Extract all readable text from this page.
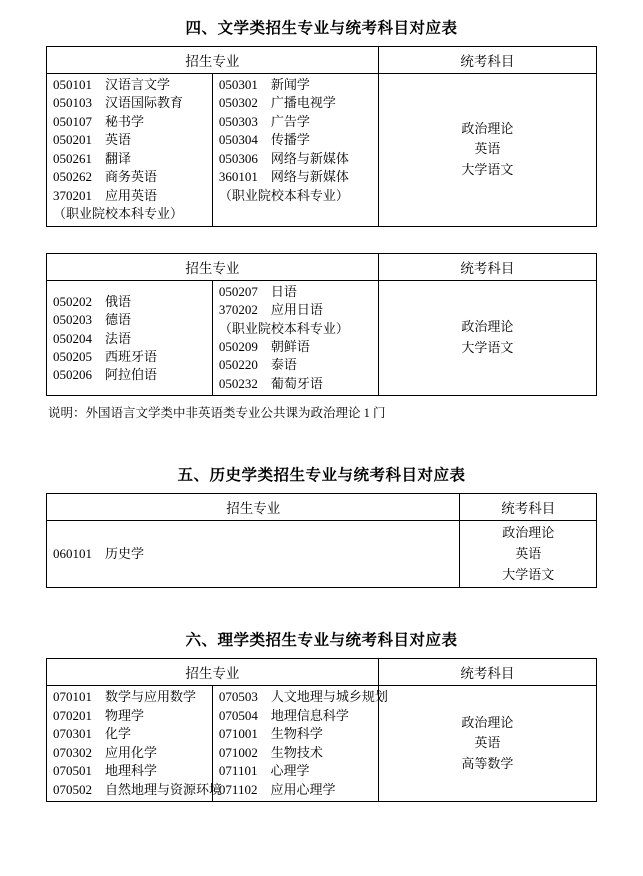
四、文学类招生专业与统考科目对应表
招生专业		统考科目

050101　汉语言文学
050103　汉语国际教育
050107　秘书学
050201　英语
050261　翻译
050262　商务英语
370201　应用英语
（职业院校本科专业）

050301　新闻学
050302　广播电视学
050303　广告学
050304　传播学
050306　网络与新媒体
360101　网络与新媒体
（职业院校本科专业）

政治理论
英语
大学语文
招生专业		统考科目

050202　俄语
050203　德语
050204　法语
050205　西班牙语
050206　阿拉伯语

050207　日语
370202　应用日语
（职业院校本科专业）
050209　朝鲜语
050220　泰语
050232　葡萄牙语

政治理论
大学语文
说明：外国语言文学类中非英语类专业公共课为政治理论 1 门
五、历史学类招生专业与统考科目对应表
招生专业	统考科目

060101　历史学	政治理论
英语
大学语文
六、理学类招生专业与统考科目对应表
招生专业		统考科目

070101　数学与应用数学
070201　物理学
070301　化学
070302　应用化学
070501　地理科学
070502　自然地理与资源环境

070503　人文地理与城乡规划
070504　地理信息科学
071001　生物科学
071002　生物技术
071101　心理学
071102　应用心理学

政治理论
英语
高等数学
